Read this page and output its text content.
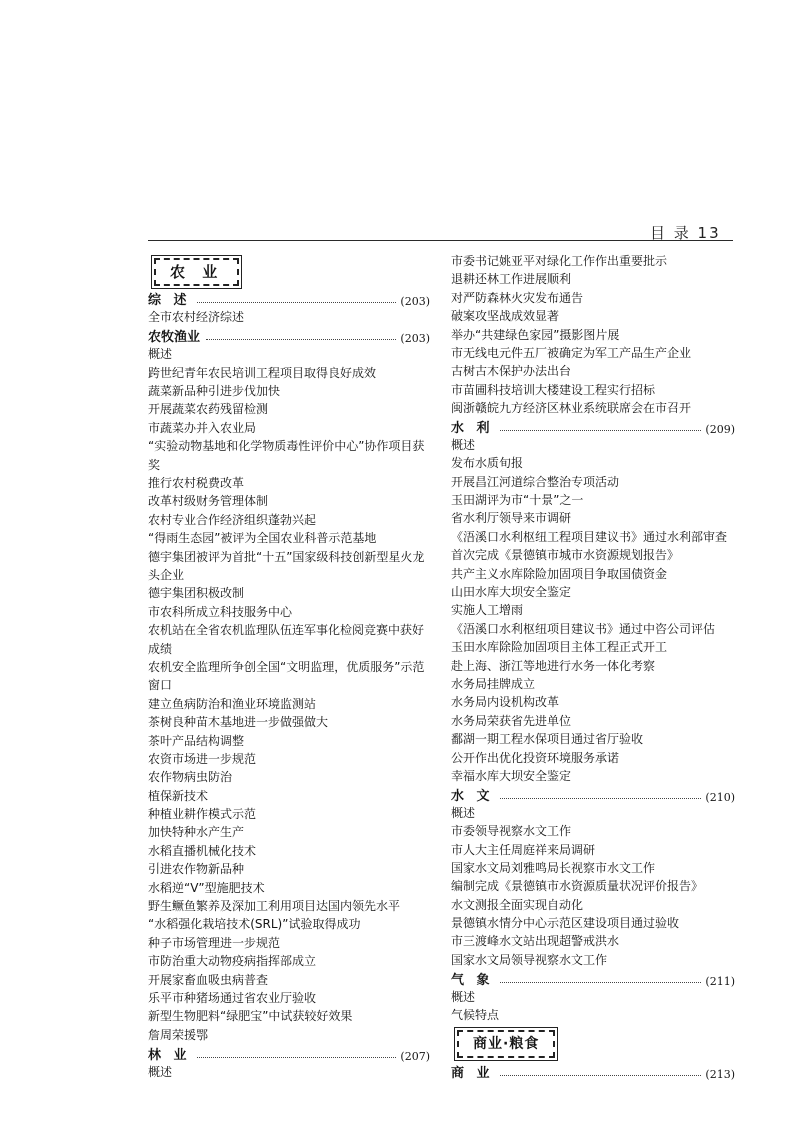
目 录 13
农 业
综 述	(203)
全市农村经济综述
农牧渔业	(203)
概述
跨世纪青年农民培训工程项目取得良好成效
蔬菜新品种引进步伐加快
开展蔬菜农药残留检测
市蔬菜办并入农业局
“实验动物基地和化学物质毒性评价中心”协作项目获奖
推行农村税费改革
改革村级财务管理体制
农村专业合作经济组织蓬勃兴起
“得雨生态园”被评为全国农业科普示范基地
德宇集团被评为首批“十五”国家级科技创新型星火龙头企业
德宇集团积极改制
市农科所成立科技服务中心
农机站在全省农机监理队伍连军事化检阅竞赛中获好成绩
农机安全监理所争创全国“文明监理，优质服务”示范窗口
建立鱼病防治和渔业环境监测站
茶树良种苗木基地进一步做强做大
茶叶产品结构调整
农资市场进一步规范
农作物病虫防治
植保新技术
种植业耕作模式示范
加快特种水产生产
水稻直播机械化技术
引进农作物新品种
水稻逆“V”型施肥技术
野生鳜鱼繁养及深加工利用项目达国内领先水平
“水稻强化栽培技术(SRL)”试验取得成功
种子市场管理进一步规范
市防治重大动物疫病指挥部成立
开展家畜血吸虫病普查
乐平市种猪场通过省农业厅验收
新型生物肥料“绿肥宝”中试获较好效果
詹周荣援鄂
林 业	(207)
概述
市委书记姚亚平对绿化工作作出重要批示
退耕还林工作进展顺利
对严防森林火灾发布通告
破案攻坚战成效显著
举办“共建绿色家园”摄影图片展
市无线电元件五厂被确定为军工产品生产企业
古树古木保护办法出台
市苗圃科技培训大楼建设工程实行招标
闽浙赣皖九方经济区林业系统联席会在市召开
水 利	(209)
概述
发布水质旬报
开展昌江河道综合整治专项活动
玉田湖评为市“十景”之一
省水利厅领导来市调研
《浯溪口水利枢纽工程项目建议书》通过水利部审查
首次完成《景德镇市城市水资源规划报告》
共产主义水库除险加固项目争取国债资金
山田水库大坝安全鉴定
实施人工增雨
《浯溪口水利枢纽项目建议书》通过中咨公司评估
玉田水库除险加固项目主体工程正式开工
赴上海、浙江等地进行水务一体化考察
水务局挂牌成立
水务局内设机构改革
水务局荣获省先进单位
鄱湖一期工程水保项目通过省厅验收
公开作出优化投资环境服务承诺
幸福水库大坝安全鉴定
水 文	(210)
概述
市委领导视察水文工作
市人大主任周庭祥来局调研
国家水文局刘雅鸣局长视察市水文工作
编制完成《景德镇市水资源质量状况评价报告》
水文测报全面实现自动化
景德镇水情分中心示范区建设项目通过验收
市三渡峰水文站出现超警戒洪水
国家水文局领导视察水文工作
气 象	(211)
概述
气候特点
商业·粮食
商 业	(213)
